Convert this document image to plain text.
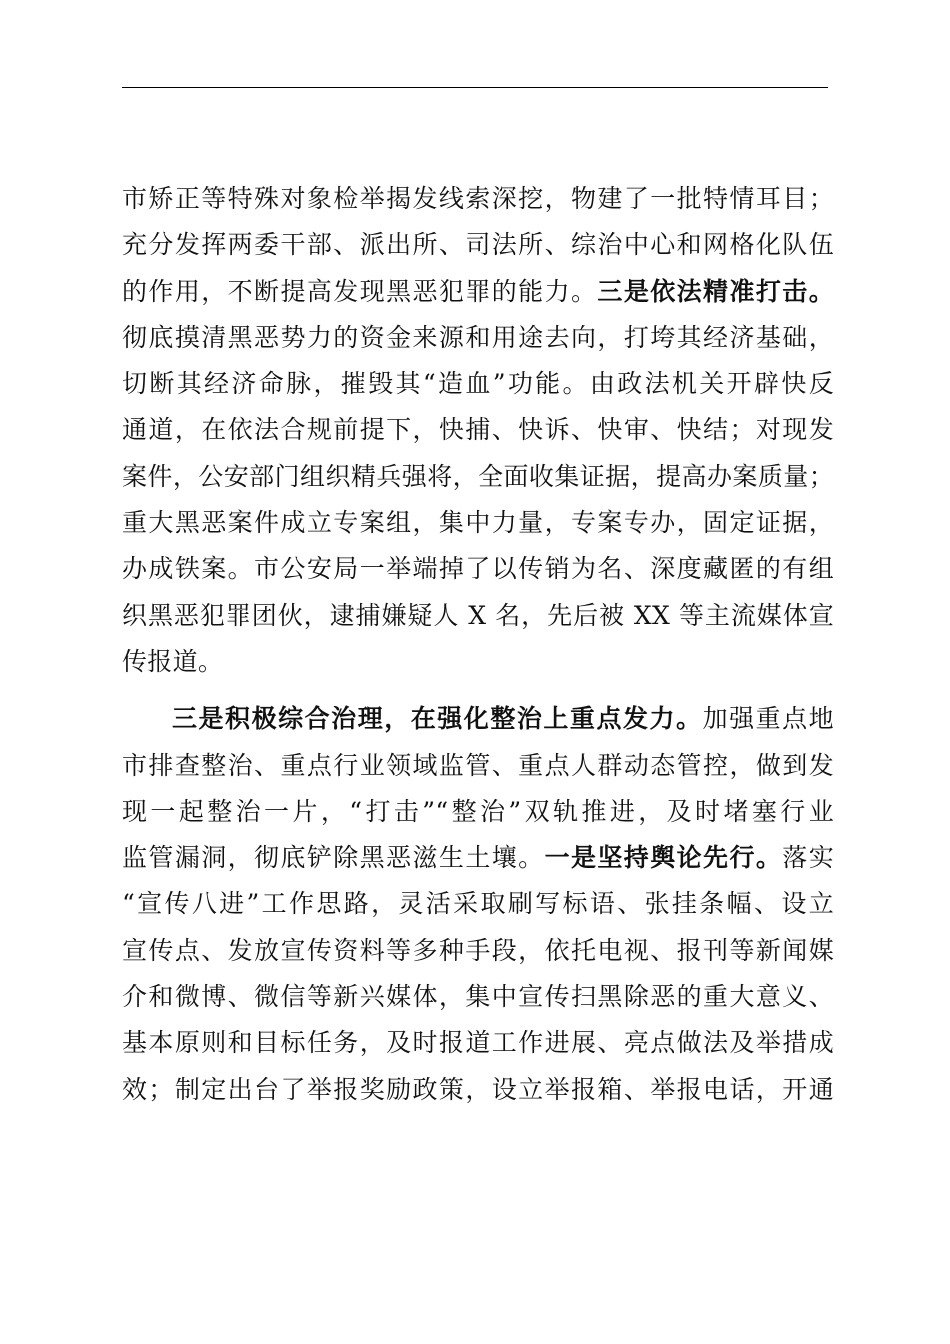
市矫正等特殊对象检举揭发线索深挖，物建了一批特情耳目；
充分发挥两委干部、派出所、司法所、综治中心和网格化队伍
的作用，不断提高发现黑恶犯罪的能力。三是依法精准打击。
彻底摸清黑恶势力的资金来源和用途去向，打垮其经济基础，
切断其经济命脉，摧毁其“造血”功能。由政法机关开辟快反
通道，在依法合规前提下，快捕、快诉、快审、快结；对现发
案件，公安部门组织精兵强将，全面收集证据，提高办案质量；
重大黑恶案件成立专案组，集中力量，专案专办，固定证据，
办成铁案。市公安局一举端掉了以传销为名、深度藏匿的有组
织黑恶犯罪团伙，逮捕嫌疑人 X 名，先后被 XX 等主流媒体宣
传报道。
三是积极综合治理，在强化整治上重点发力。加强重点地
市排查整治、重点行业领域监管、重点人群动态管控，做到发
现一起整治一片，“打击”“整治”双轨推进，及时堵塞行业
监管漏洞，彻底铲除黑恶滋生土壤。一是坚持舆论先行。落实
“宣传八进”工作思路，灵活采取刷写标语、张挂条幅、设立
宣传点、发放宣传资料等多种手段，依托电视、报刊等新闻媒
介和微博、微信等新兴媒体，集中宣传扫黑除恶的重大意义、
基本原则和目标任务，及时报道工作进展、亮点做法及举措成
效；制定出台了举报奖励政策，设立举报箱、举报电话，开通
